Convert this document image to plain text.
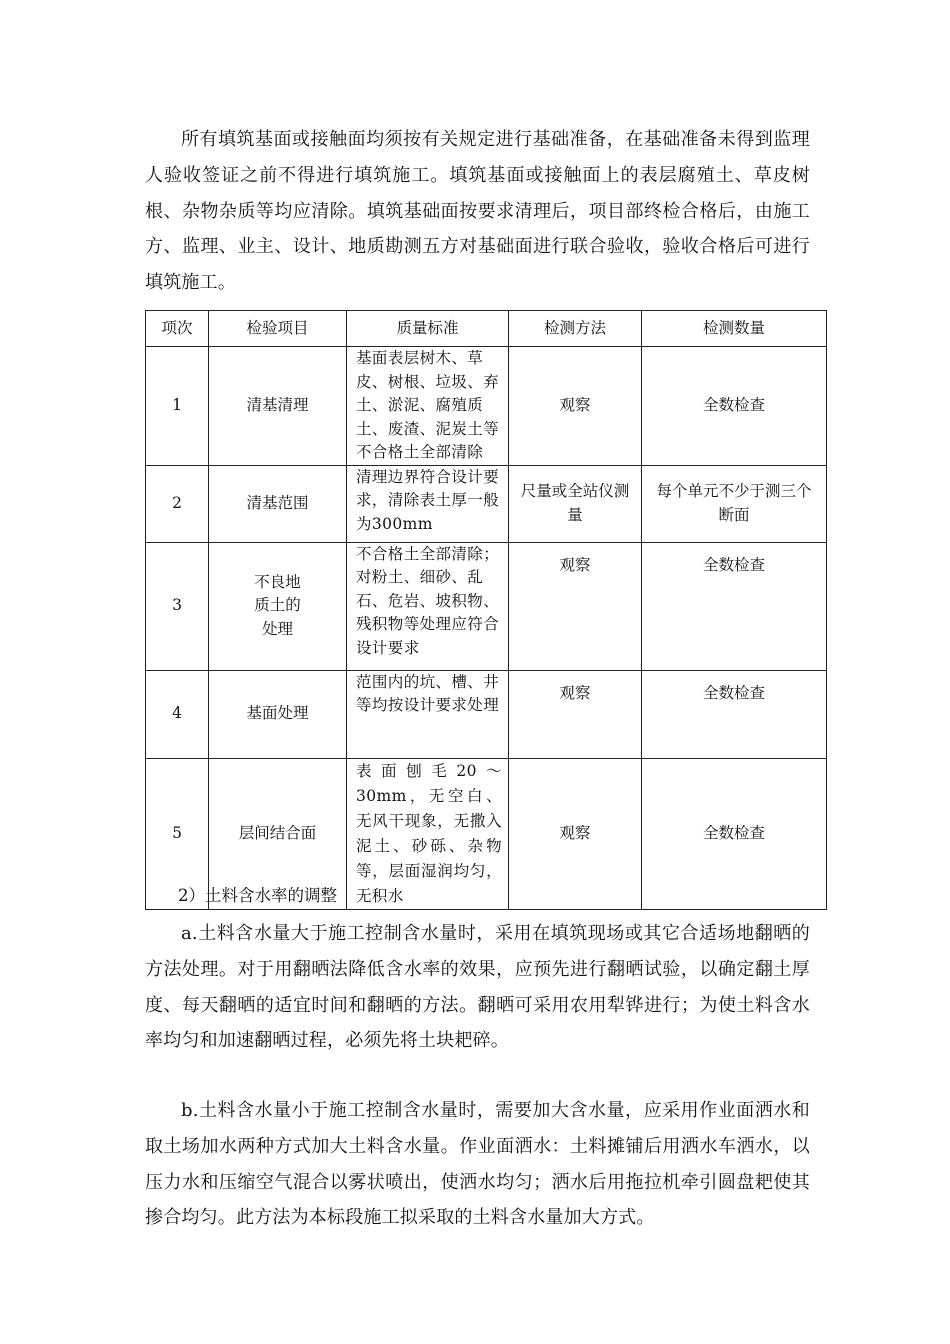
所有填筑基面或接触面均须按有关规定进行基础准备，在基础准备未得到监理人验收签证之前不得进行填筑施工。填筑基面或接触面上的表层腐殖土、草皮树根、杂物杂质等均应清除。填筑基础面按要求清理后，项目部终检合格后，由施工方、监理、业主、设计、地质勘测五方对基础面进行联合验收，验收合格后可进行填筑施工。

项次	检验项目	质量标准	检测方法	检测数量
1	清基清理	基面表层树木、草皮、树根、垃圾、弃土、淤泥、腐殖质土、废渣、泥炭土等不合格土全部清除	观察	全数检查
2	清基范围	清理边界符合设计要求，清除表土厚一般为300mm	尺量或全站仪测量	每个单元不少于测三个断面
3	不良地质土的处理	不合格土全部清除；对粉土、细砂、乱石、危岩、坡积物、残积物等处理应符合设计要求	观察	全数检查
4	基面处理	范围内的坑、槽、井等均按设计要求处理	观察	全数检查
5	层间结合面	表面刨毛20～30mm，无空白、无风干现象，无撒入泥土、砂砾、杂物等，层面湿润均匀，无积水	观察	全数检查

2）土料含水率的调整

a.土料含水量大于施工控制含水量时，采用在填筑现场或其它合适场地翻晒的方法处理。对于用翻晒法降低含水率的效果，应预先进行翻晒试验，以确定翻土厚度、每天翻晒的适宜时间和翻晒的方法。翻晒可采用农用犁铧进行；为使土料含水率均匀和加速翻晒过程，必须先将土块耙碎。

b.土料含水量小于施工控制含水量时，需要加大含水量，应采用作业面洒水和取土场加水两种方式加大土料含水量。作业面洒水：土料摊铺后用洒水车洒水，以压力水和压缩空气混合以雾状喷出，使洒水均匀；洒水后用拖拉机牵引圆盘耙使其掺合均匀。此方法为本标段施工拟采取的土料含水量加大方式。
